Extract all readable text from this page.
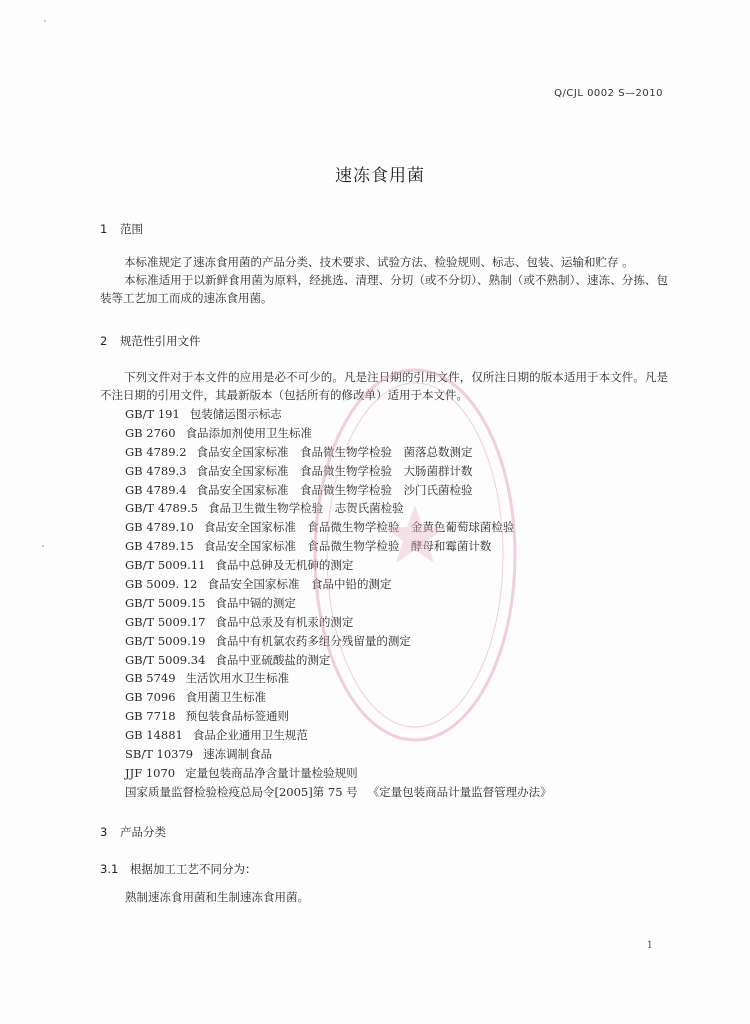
Q/CJL 0002 S—2010
速冻食用菌
1 范围

本标准规定了速冻食用菌的产品分类、技术要求、试验方法、检验规则、标志、包装、运输和贮存 。

本标准适用于以新鲜食用菌为原料，经挑选、清理、分切（或不分切）、熟制（或不熟制）、速冻、分拣、包装等工艺加工而成的速冻食用菌。

2 规范性引用文件

下列文件对于本文件的应用是必不可少的。凡是注日期的引用文件，仅所注日期的版本适用于本文件。凡是不注日期的引用文件，其最新版本（包括所有的修改单）适用于本文件。

GB/T 191 包装储运图示标志
GB 2760 食品添加剂使用卫生标准
GB 4789.2 食品安全国家标准　食品微生物学检验　菌落总数测定
GB 4789.3 食品安全国家标准　食品微生物学检验　大肠菌群计数
GB 4789.4 食品安全国家标准　食品微生物学检验　沙门氏菌检验
GB/T 4789.5 食品卫生微生物学检验　志贺氏菌检验
GB 4789.10 食品安全国家标准　食品微生物学检验　金黄色葡萄球菌检验
GB 4789.15 食品安全国家标准　食品微生物学检验　酵母和霉菌计数
GB/T 5009.11 食品中总砷及无机砷的测定
GB 5009. 12 食品安全国家标准　食品中铅的测定
GB/T 5009.15 食品中镉的测定
GB/T 5009.17 食品中总汞及有机汞的测定
GB/T 5009.19 食品中有机氯农药多组分残留量的测定
GB/T 5009.34 食品中亚硫酸盐的测定
GB 5749 生活饮用水卫生标准
GB 7096 食用菌卫生标准
GB 7718 预包装食品标签通则
GB 14881 食品企业通用卫生规范
SB/T 10379 速冻调制食品
JJF 1070 定量包装商品净含量计量检验规则
国家质量监督检验检疫总局令[2005]第 75 号 《定量包装商品计量监督管理办法》
3 产品分类
3.1 根据加工工艺不同分为：
熟制速冻食用菌和生制速冻食用菌。
1
